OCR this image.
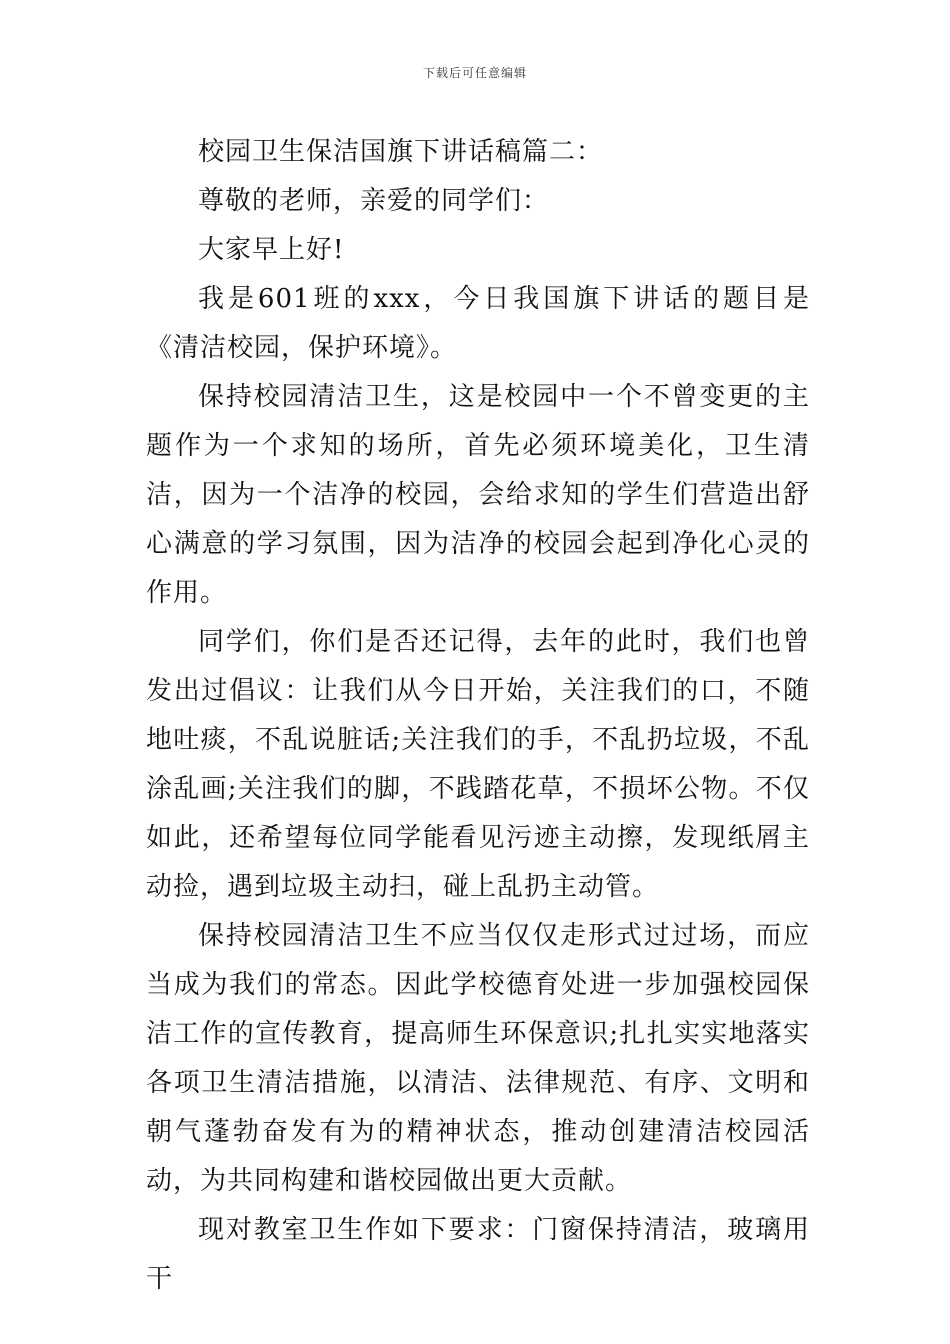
下载后可任意编辑

校园卫生保洁国旗下讲话稿篇二：

尊敬的老师，亲爱的同学们：

大家早上好!

我是601班的xxx，今日我国旗下讲话的题目是《清洁校园，保护环境》。

保持校园清洁卫生，这是校园中一个不曾变更的主题作为一个求知的场所，首先必须环境美化，卫生清洁，因为一个洁净的校园，会给求知的学生们营造出舒心满意的学习氛围，因为洁净的校园会起到净化心灵的作用。

同学们，你们是否还记得，去年的此时，我们也曾发出过倡议：让我们从今日开始，关注我们的口，不随地吐痰，不乱说脏话;关注我们的手，不乱扔垃圾，不乱涂乱画;关注我们的脚，不践踏花草，不损坏公物。不仅如此，还希望每位同学能看见污迹主动擦，发现纸屑主动捡，遇到垃圾主动扫，碰上乱扔主动管。

保持校园清洁卫生不应当仅仅走形式过过场，而应当成为我们的常态。因此学校德育处进一步加强校园保洁工作的宣传教育，提高师生环保意识;扎扎实实地落实各项卫生清洁措施，以清洁、法律规范、有序、文明和朝气蓬勃奋发有为的精神状态，推动创建清洁校园活动，为共同构建和谐校园做出更大贡献。

现对教室卫生作如下要求：门窗保持清洁，玻璃用干
